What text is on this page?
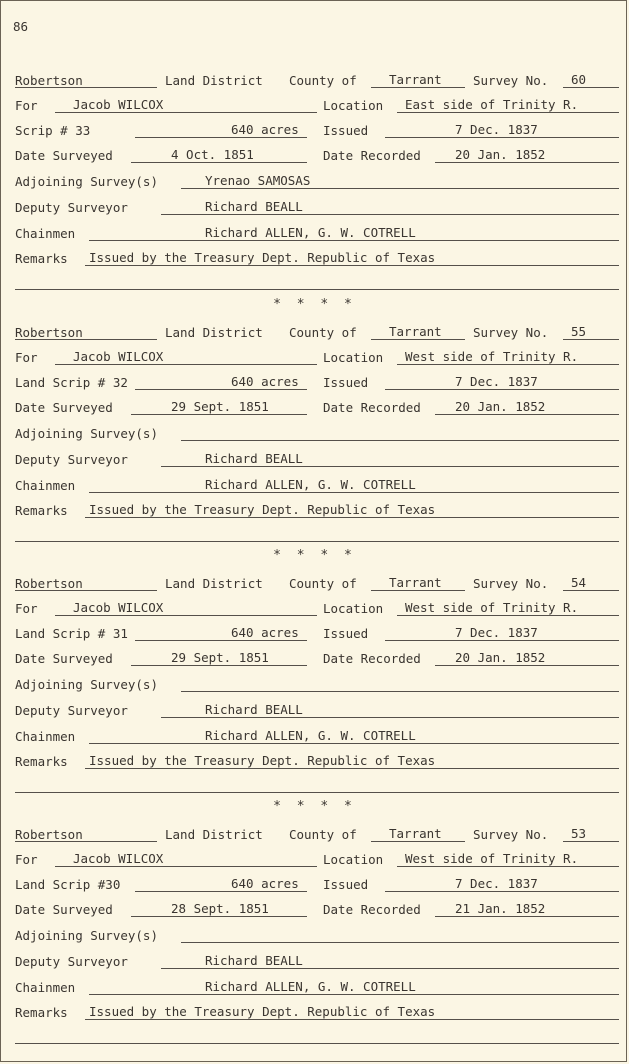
86
Robertson	Land District County of	Tarrant	Survey No. 60
For	Jacob WILCOX	Location East side of Trinity R.
Scrip # 33	640 acres Issued	7 Dec. 1837
Date Surveyed	4 Oct. 1851	Date Recorded	20 Jan. 1852
Adjoining Survey(s)	Yrenao SAMOSAS
Deputy Surveyor	Richard BEALL
Chainmen	Richard ALLEN, G. W. COTRELL
Remarks Issued by the Treasury Dept. Republic of Texas
Robertson	Land District County of	Tarrant	Survey No. 55
For	Jacob WILCOX	Location West side of Trinity R.
Land Scrip # 32	640 acres Issued	7 Dec. 1837
Date Surveyed	29 Sept. 1851	Date Recorded	20 Jan. 1852
Adjoining Survey(s)
Deputy Surveyor	Richard BEALL
Chainmen	Richard ALLEN, G. W. COTRELL
Remarks Issued by the Treasury Dept. Republic of Texas
Robertson	Land District County of	Tarrant	Survey No. 54
For	Jacob WILCOX	Location West side of Trinity R.
Land Scrip # 31	640 acres Issued	7 Dec. 1837
Date Surveyed	29 Sept. 1851	Date Recorded	20 Jan. 1852
Adjoining Survey(s)
Deputy Surveyor	Richard BEALL
Chainmen	Richard ALLEN, G. W. COTRELL
Remarks Issued by the Treasury Dept. Republic of Texas
Robertson	Land District County of	Tarrant	Survey No. 53
For	Jacob WILCOX	Location West side of Trinity R.
Land Scrip #30	640 acres Issued	7 Dec. 1837
Date Surveyed	28 Sept. 1851	Date Recorded	21 Jan. 1852
Adjoining Survey(s)
Deputy Surveyor	Richard BEALL
Chainmen	Richard ALLEN, G. W. COTRELL
Remarks Issued by the Treasury Dept. Republic of Texas
* * * *
* * * *
* * * *
